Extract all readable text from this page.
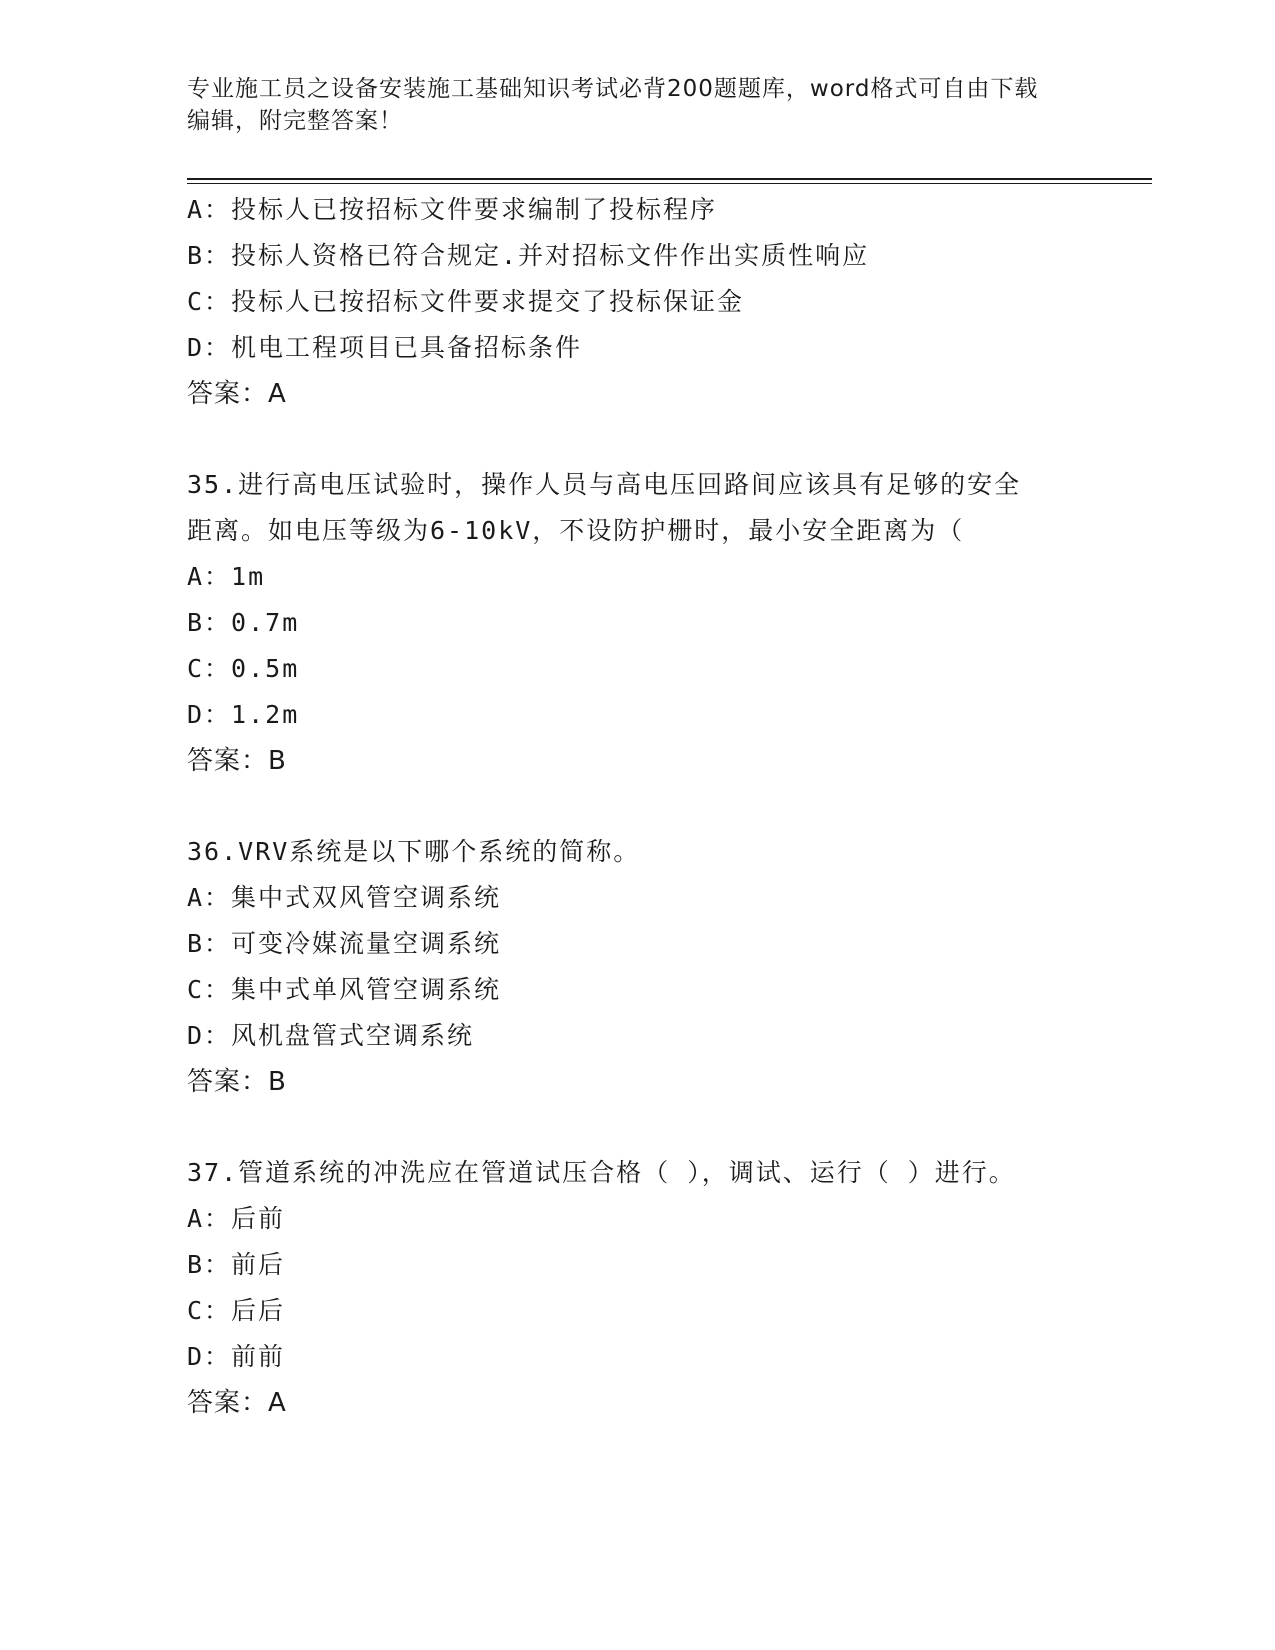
专业施工员之设备安装施工基础知识考试必背200题题库，word格式可自由下载
编辑，附完整答案！
A：投标人已按招标文件要求编制了投标程序
B：投标人资格已符合规定.并对招标文件作出实质性响应
C：投标人已按招标文件要求提交了投标保证金
D：机电工程项目已具备招标条件
答案：A
35.进行高电压试验时，操作人员与高电压回路间应该具有足够的安全
距离。如电压等级为6-10kV，不设防护栅时，最小安全距离为（
A：1m
B：0.7m
C：0.5m
D：1.2m
答案：B
36.VRV系统是以下哪个系统的简称。
A：集中式双风管空调系统
B：可变冷媒流量空调系统
C：集中式单风管空调系统
D：风机盘管式空调系统
答案：B
37.管道系统的冲洗应在管道试压合格（ ），调试、运行（ ）进行。
A：后前
B：前后
C：后后
D：前前
答案：A
